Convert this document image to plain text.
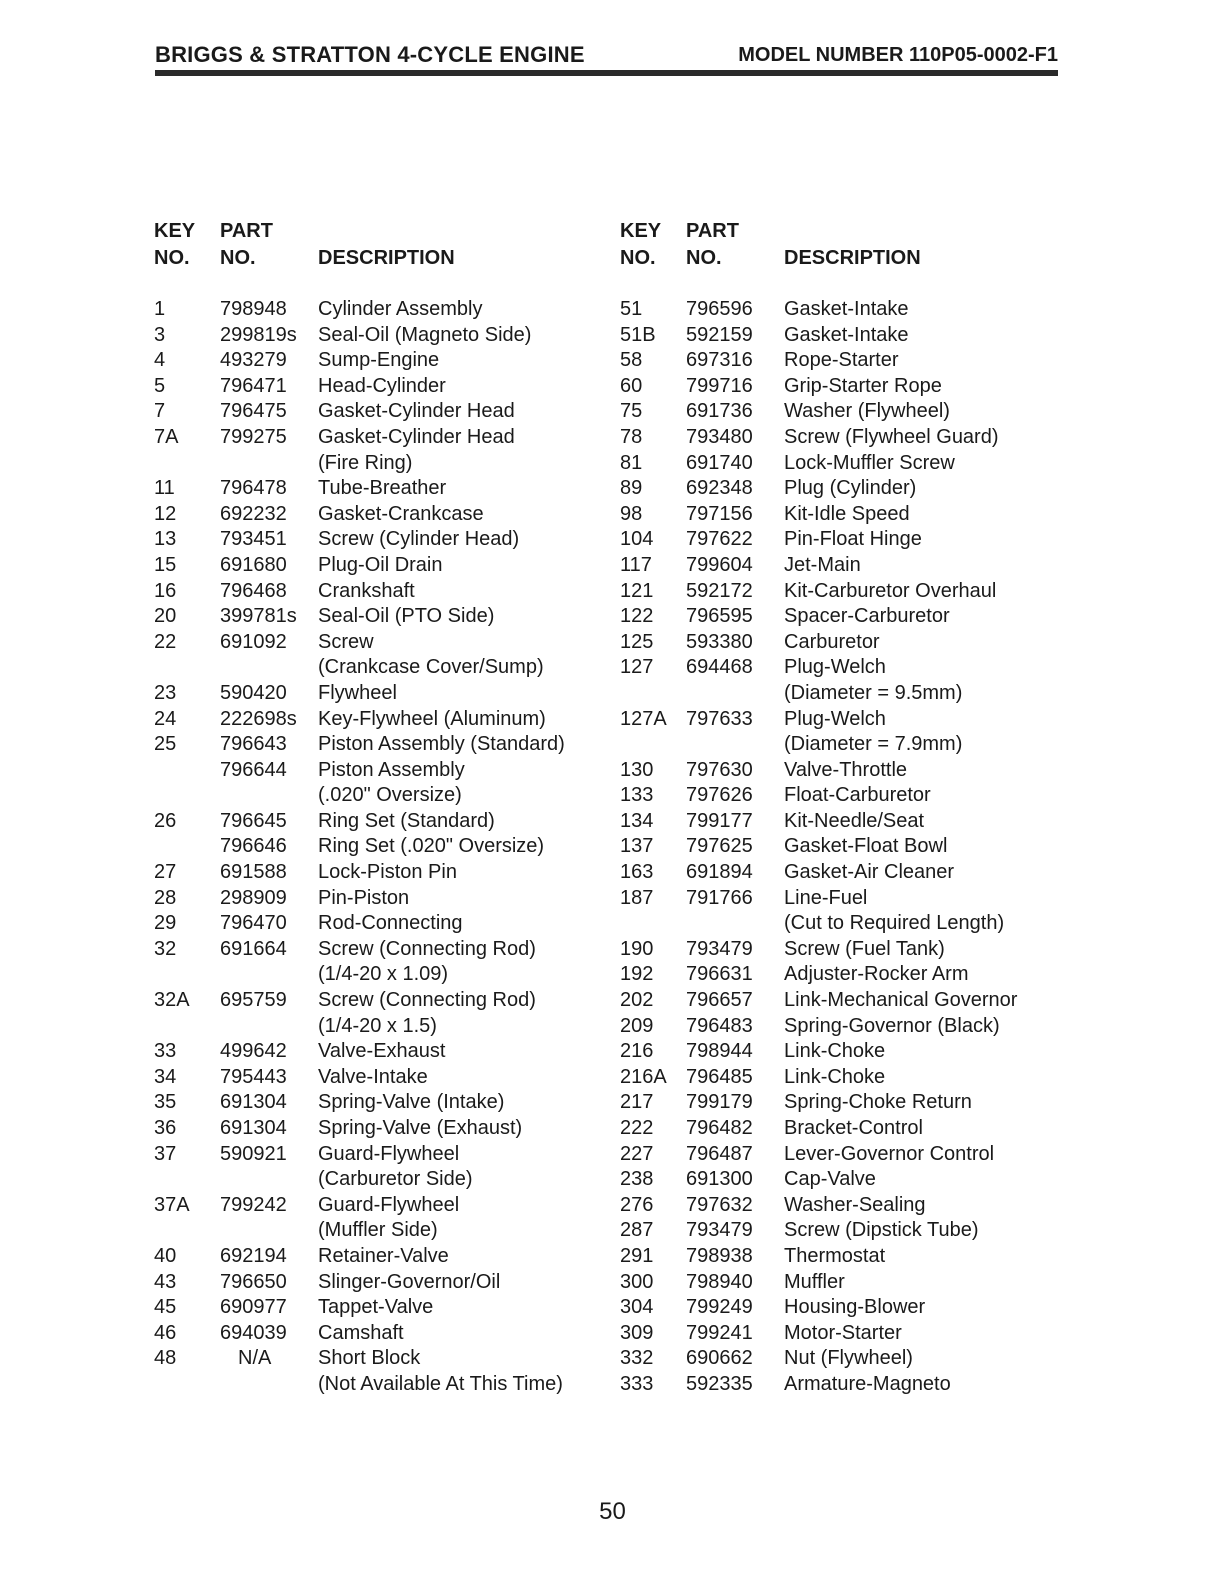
BRIGGS & STRATTON 4-CYCLE ENGINE	MODEL NUMBER 110P05-0002-F1
KEY
NO.
PART
NO.	DESCRIPTION
1	798948 Cylinder Assembly
3	299819s Seal-Oil (Magneto Side)
4	493279 Sump-Engine
5	796471 Head-Cylinder
7	796475 Gasket-Cylinder Head
7A 799275 Gasket-Cylinder Head
(Fire Ring)
11 796478 Tube-Breather
12 692232 Gasket-Crankcase
13 793451 Screw (Cylinder Head)
15 691680 Plug-Oil Drain
16 796468 Crankshaft
20 399781s Seal-Oil (PTO Side)
22 691092 Screw
(Crankcase Cover/Sump)
23 590420 Flywheel
24 222698s Key-Flywheel (Aluminum)
25 796643 Piston Assembly (Standard)
796644 Piston Assembly
(.020" Oversize)
26 796645 Ring Set (Standard)
796646 Ring Set (.020" Oversize)
27 691588 Lock-Piston Pin
28 298909 Pin-Piston
29 796470 Rod-Connecting
32 691664 Screw (Connecting Rod)
(1/4-20 x 1.09)
32A 695759 Screw (Connecting Rod)
(1/4-20 x 1.5)
33 499642 Valve-Exhaust
34 795443 Valve-Intake
35 691304 Spring-Valve (Intake)
36 691304 Spring-Valve (Exhaust)
37 590921 Guard-Flywheel
(Carburetor Side)
37A 799242 Guard-Flywheel
(Muffler Side)
40 692194 Retainer-Valve
43 796650 Slinger-Governor/Oil
45 690977 Tappet-Valve
46 694039 Camshaft
48	N/A Short Block
(Not Available At This Time)
KEY
NO.
PART
NO.	DESCRIPTION
51 796596 Gasket-Intake
51B 592159 Gasket-Intake
58 697316 Rope-Starter
60 799716 Grip-Starter Rope
75 691736 Washer (Flywheel)
78 793480 Screw (Flywheel Guard)
81 691740 Lock-Muffler Screw
89 692348 Plug (Cylinder)
98 797156 Kit-Idle Speed
104 797622 Pin-Float Hinge
117 799604 Jet-Main
121 592172 Kit-Carburetor Overhaul
122 796595 Spacer-Carburetor
125 593380 Carburetor
127 694468 Plug-Welch
(Diameter = 9.5mm)
127A 797633 Plug-Welch
(Diameter = 7.9mm)
130 797630 Valve-Throttle
133 797626 Float-Carburetor
134 799177 Kit-Needle/Seat
137 797625 Gasket-Float Bowl
163 691894 Gasket-Air Cleaner
187 791766 Line-Fuel
(Cut to Required Length)
190 793479 Screw (Fuel Tank)
192 796631 Adjuster-Rocker Arm
202 796657 Link-Mechanical Governor
209 796483 Spring-Governor (Black)
216 798944 Link-Choke
216A 796485 Link-Choke
217 799179 Spring-Choke Return
222 796482 Bracket-Control
227 796487 Lever-Governor Control
238 691300 Cap-Valve
276 797632 Washer-Sealing
287 793479 Screw (Dipstick Tube)
291 798938 Thermostat
300 798940 Muffler
304 799249 Housing-Blower
309 799241 Motor-Starter
332 690662 Nut (Flywheel)
333 592335 Armature-Magneto
50
